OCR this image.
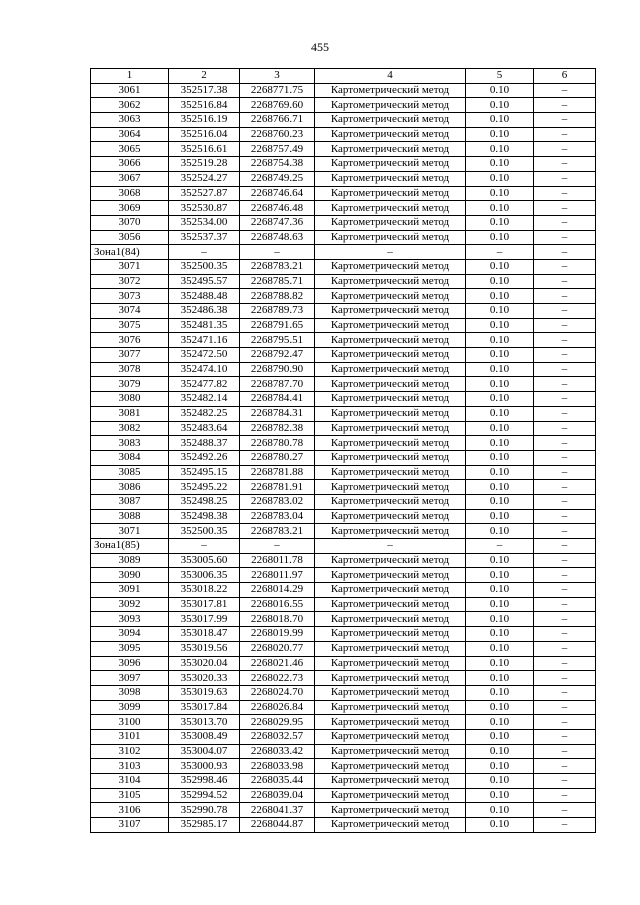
455
1	2	3	4	5	6
3061	352517.38	2268771.75	Картометрический метод	0.10	–
3062	352516.84	2268769.60	Картометрический метод	0.10	–
3063	352516.19	2268766.71	Картометрический метод	0.10	–
3064	352516.04	2268760.23	Картометрический метод	0.10	–
3065	352516.61	2268757.49	Картометрический метод	0.10	–
3066	352519.28	2268754.38	Картометрический метод	0.10	–
3067	352524.27	2268749.25	Картометрический метод	0.10	–
3068	352527.87	2268746.64	Картометрический метод	0.10	–
3069	352530.87	2268746.48	Картометрический метод	0.10	–
3070	352534.00	2268747.36	Картометрический метод	0.10	–
3056	352537.37	2268748.63	Картометрический метод	0.10	–
Зона1(84)	–	–	–	–	–
3071	352500.35	2268783.21	Картометрический метод	0.10	–
3072	352495.57	2268785.71	Картометрический метод	0.10	–
3073	352488.48	2268788.82	Картометрический метод	0.10	–
3074	352486.38	2268789.73	Картометрический метод	0.10	–
3075	352481.35	2268791.65	Картометрический метод	0.10	–
3076	352471.16	2268795.51	Картометрический метод	0.10	–
3077	352472.50	2268792.47	Картометрический метод	0.10	–
3078	352474.10	2268790.90	Картометрический метод	0.10	–
3079	352477.82	2268787.70	Картометрический метод	0.10	–
3080	352482.14	2268784.41	Картометрический метод	0.10	–
3081	352482.25	2268784.31	Картометрический метод	0.10	–
3082	352483.64	2268782.38	Картометрический метод	0.10	–
3083	352488.37	2268780.78	Картометрический метод	0.10	–
3084	352492.26	2268780.27	Картометрический метод	0.10	–
3085	352495.15	2268781.88	Картометрический метод	0.10	–
3086	352495.22	2268781.91	Картометрический метод	0.10	–
3087	352498.25	2268783.02	Картометрический метод	0.10	–
3088	352498.38	2268783.04	Картометрический метод	0.10	–
3071	352500.35	2268783.21	Картометрический метод	0.10	–
Зона1(85)	–	–	–	–	–
3089	353005.60	2268011.78	Картометрический метод	0.10	–
3090	353006.35	2268011.97	Картометрический метод	0.10	–
3091	353018.22	2268014.29	Картометрический метод	0.10	–
3092	353017.81	2268016.55	Картометрический метод	0.10	–
3093	353017.99	2268018.70	Картометрический метод	0.10	–
3094	353018.47	2268019.99	Картометрический метод	0.10	–
3095	353019.56	2268020.77	Картометрический метод	0.10	–
3096	353020.04	2268021.46	Картометрический метод	0.10	–
3097	353020.33	2268022.73	Картометрический метод	0.10	–
3098	353019.63	2268024.70	Картометрический метод	0.10	–
3099	353017.84	2268026.84	Картометрический метод	0.10	–
3100	353013.70	2268029.95	Картометрический метод	0.10	–
3101	353008.49	2268032.57	Картометрический метод	0.10	–
3102	353004.07	2268033.42	Картометрический метод	0.10	–
3103	353000.93	2268033.98	Картометрический метод	0.10	–
3104	352998.46	2268035.44	Картометрический метод	0.10	–
3105	352994.52	2268039.04	Картометрический метод	0.10	–
3106	352990.78	2268041.37	Картометрический метод	0.10	–
3107	352985.17	2268044.87	Картометрический метод	0.10	–
